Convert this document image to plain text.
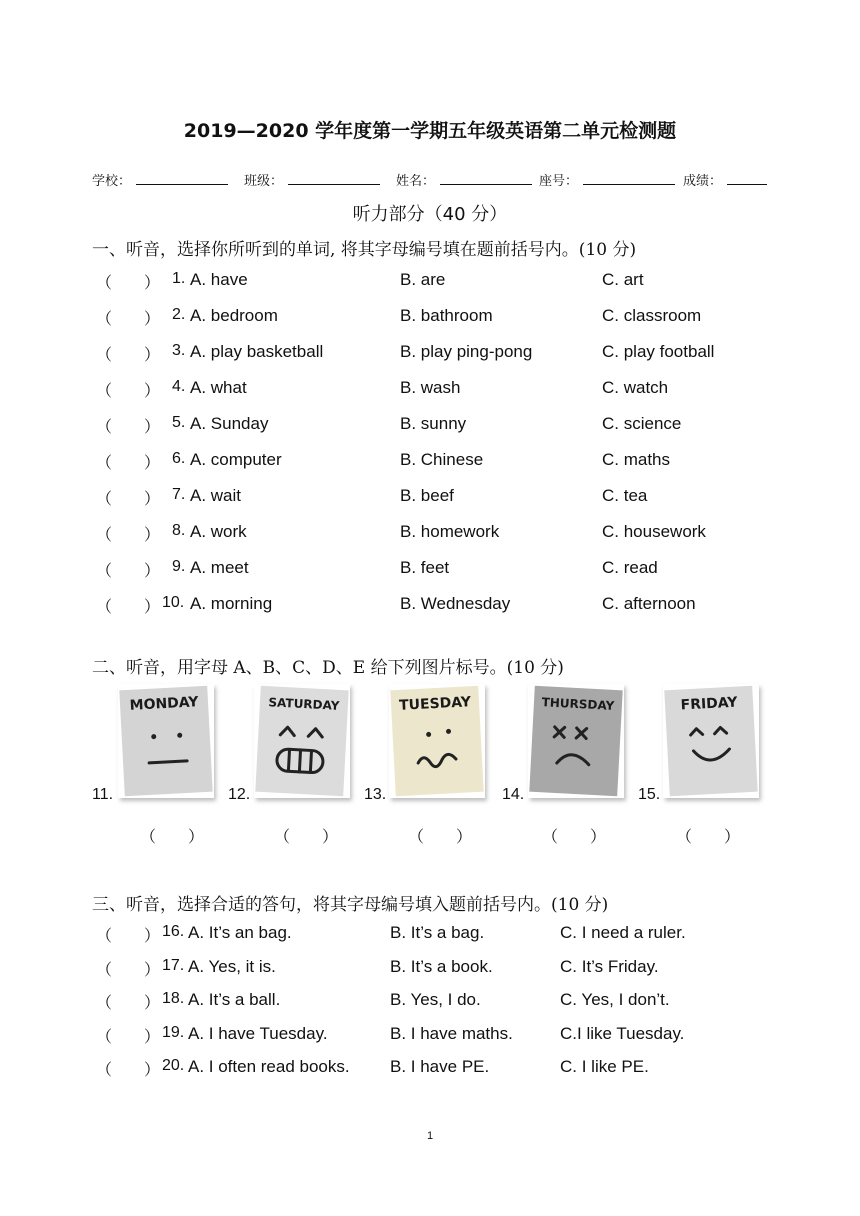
2019—2020 学年度第一学期五年级英语第二单元检测题
学校：	班级：	姓名：	座号：	成绩：
听力部分（40 分）
一、听音，选择你所听到的单词, 将其字母编号填在题前括号内。(10 分)
（　　） 1. A. have	B. are	C. art
（　　） 2. A. bedroom	B. bathroom	C. classroom
（　　） 3. A. play basketball	B. play ping-pong	C. play football
（　　） 4. A. what	B. wash	C. watch
（　　） 5. A. Sunday	B. sunny	C. science
（　　） 6. A. computer	B. Chinese	C. maths
（　　） 7. A. wait	B. beef	C. tea
（　　） 8. A. work	B. homework	C. housework
（　　） 9. A. meet	B. feet	C. read
（　　） 10. A. morning	B. Wednesday	C. afternoon
二、听音，用字母 A、B、C、D、E 给下列图片标号。(10 分)
11.
MONDAY
（　　）
12.
SATURDAY
（　　）
13.
TUESDAY
（　　）
14.
THURSDAY
（　　）
15.
FRIDAY
（　　）
三、听音，选择合适的答句，将其字母编号填入题前括号内。(10 分)
（　　） 16. A. It’s an bag.	B. It’s a bag.	C. I need a ruler.
（　　） 17. A. Yes, it is.	B. It’s a book.	C. It’s Friday.
（　　） 18. A. It’s a ball.	B. Yes, I do.	C. Yes, I don’t.
（　　） 19. A. I have Tuesday.	B. I have maths.	C.I like Tuesday.
（　　） 20. A. I often read books. B. I have PE.	C. I like PE.
1
